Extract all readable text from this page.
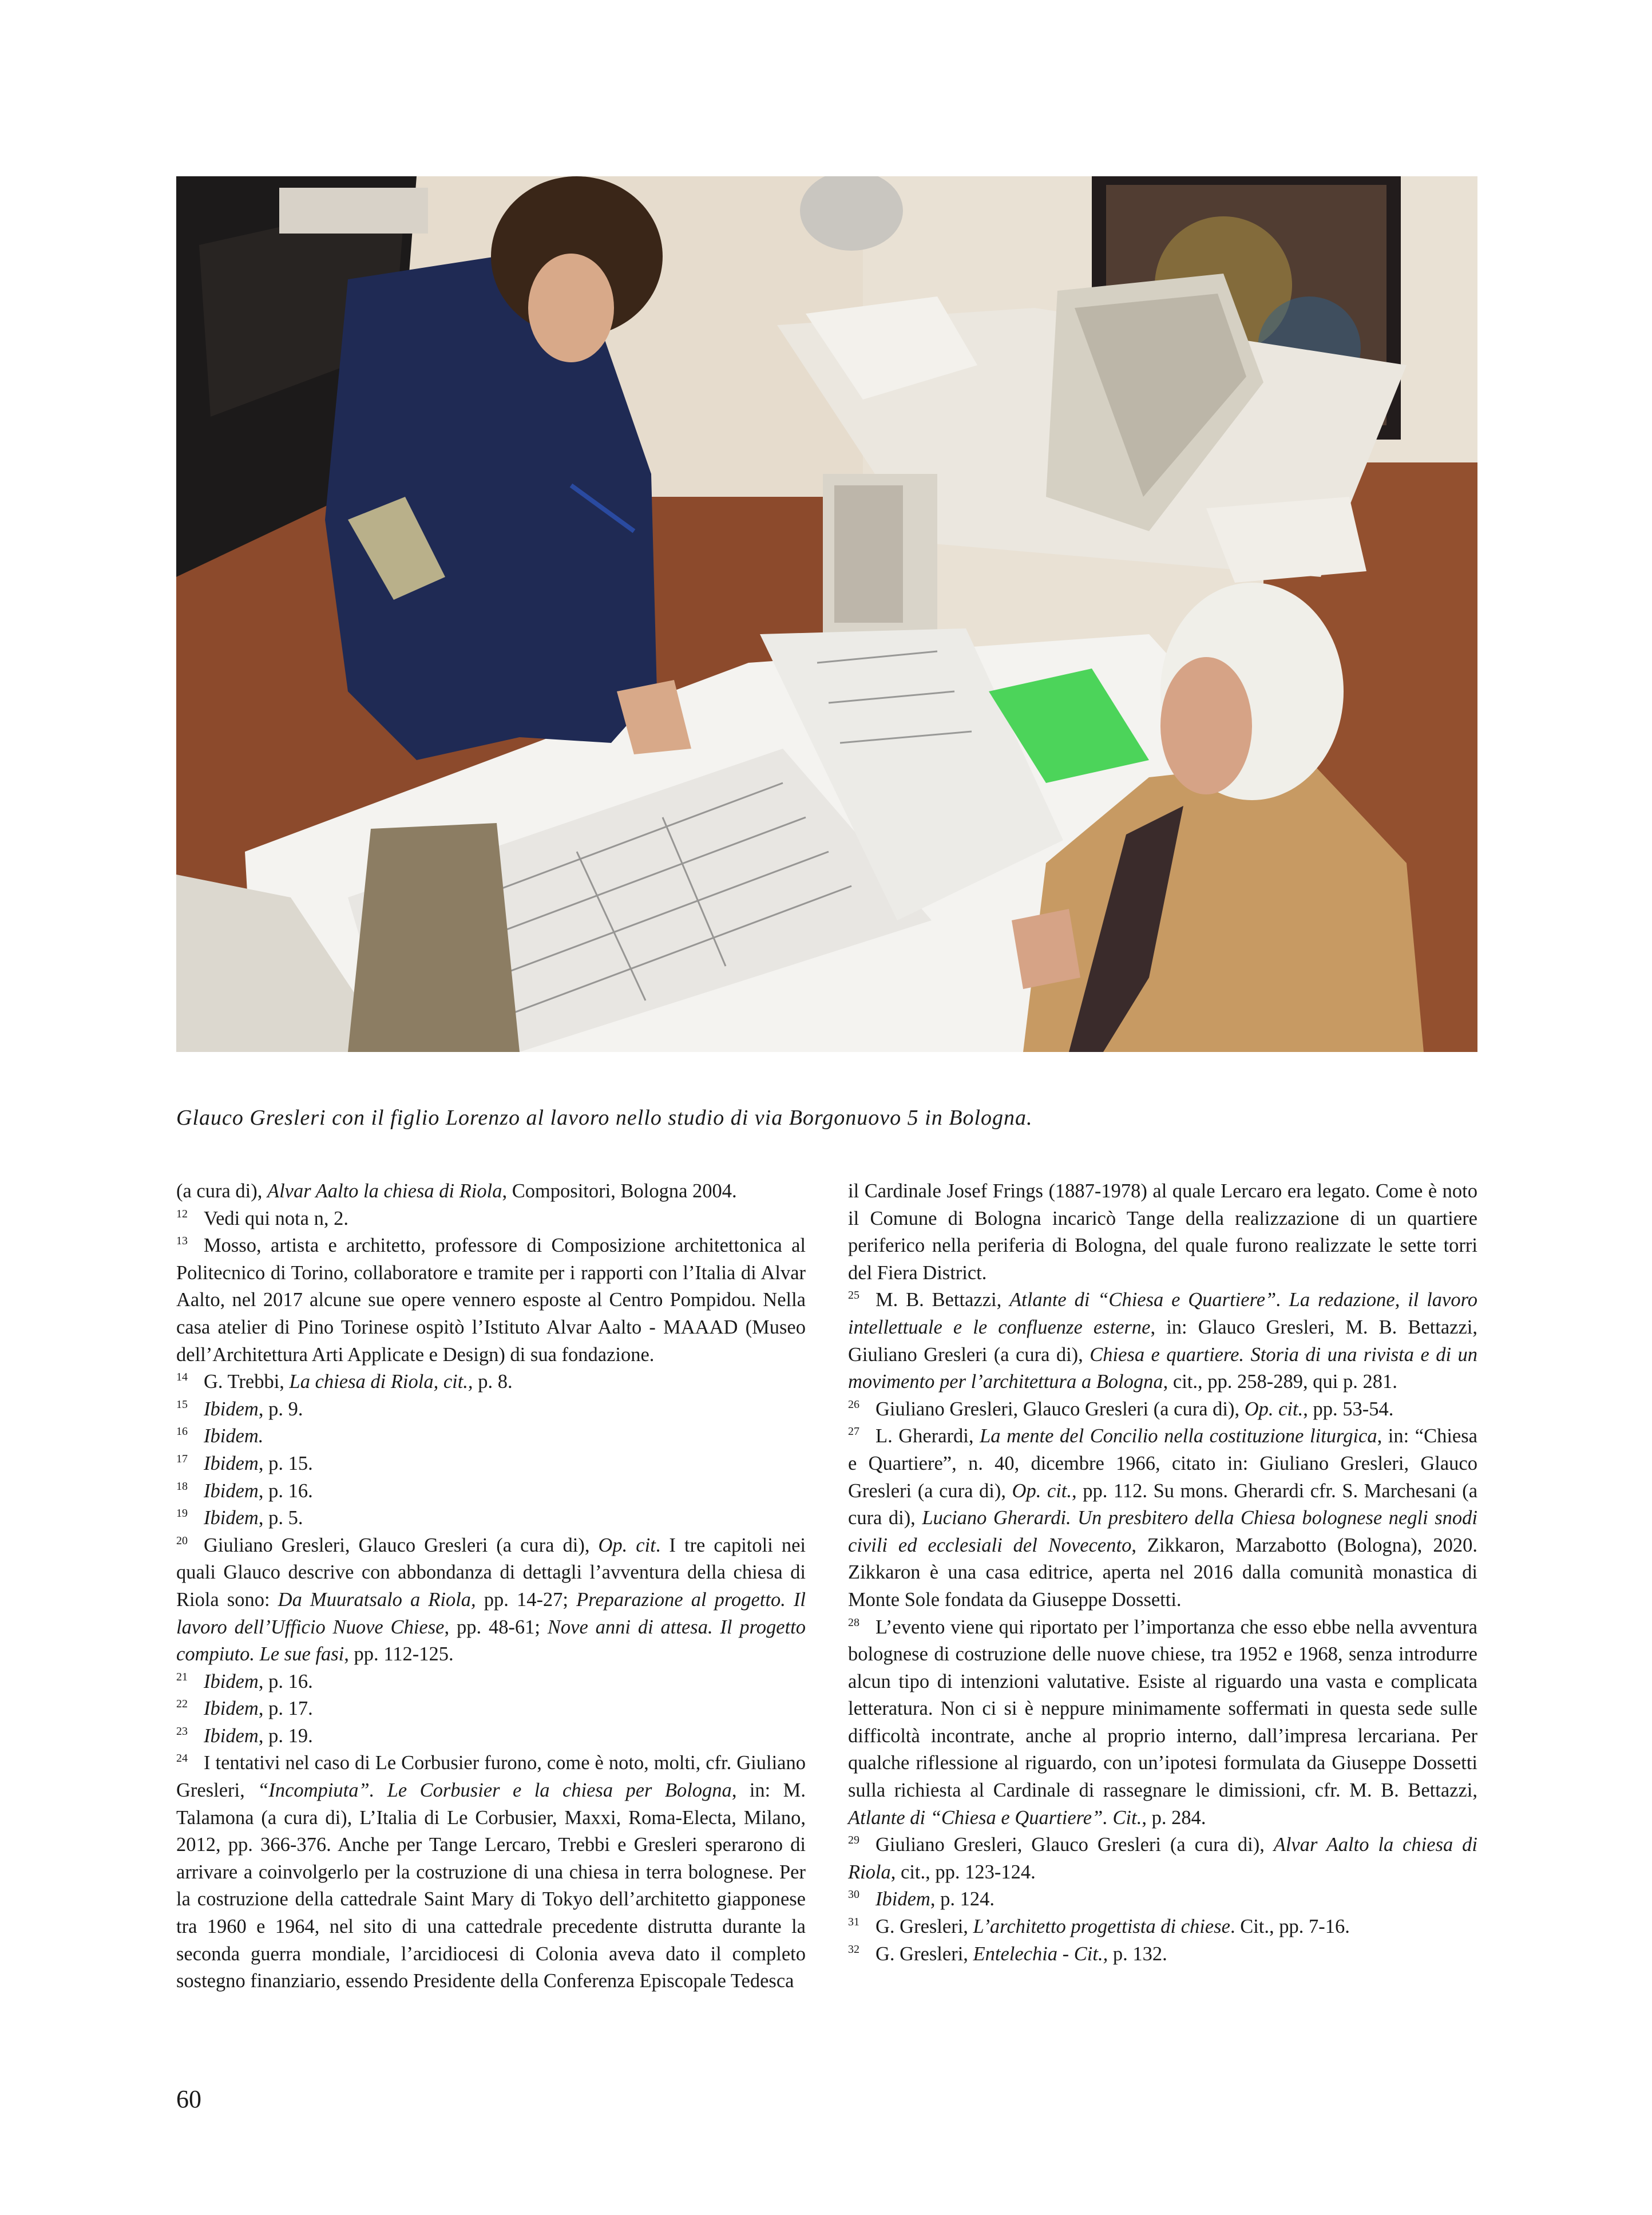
Glauco Gresleri con il figlio Lorenzo al lavoro nello studio di via Borgonuovo 5 in Bologna.

(a cura di), Alvar Aalto la chiesa di Riola, Compositori, Bologna 2004.

$^{12}$ Vedi qui nota n, 2.

$^{13}$ Mosso, artista e architetto, professore di Composizione architettonica al Politecnico di Torino, collaboratore e tramite per i rapporti con l’Italia di Alvar Aalto, nel 2017 alcune sue opere vennero esposte al Centro Pompidou. Nella casa atelier di Pino Torinese ospitò l’Istituto Alvar Aalto - MAAAD (Museo dell’Architettura Arti Applicate e Design) di sua fondazione.

$^{14}$ G. Trebbi, La chiesa di Riola, cit., p. 8.

$^{15}$ Ibidem, p. 9.

$^{16}$ Ibidem.

$^{17}$ Ibidem, p. 15.

$^{18}$ Ibidem, p. 16.

$^{19}$ Ibidem, p. 5.

$^{20}$ Giuliano Gresleri, Glauco Gresleri (a cura di), Op. cit. I tre capitoli nei quali Glauco descrive con abbondanza di dettagli l’avventura della chiesa di Riola sono: Da Muuratsalo a Riola, pp. 14-27; Preparazione al progetto. Il lavoro dell’Ufficio Nuove Chiese, pp. 48-61; Nove anni di attesa. Il progetto compiuto. Le sue fasi, pp. 112-125.

$^{21}$ Ibidem, p. 16.

$^{22}$ Ibidem, p. 17.

$^{23}$ Ibidem, p. 19.

$^{24}$ I tentativi nel caso di Le Corbusier furono, come è noto, molti, cfr. Giuliano Gresleri, “Incompiuta”. Le Corbusier e la chiesa per Bologna, in: M. Talamona (a cura di), L’Italia di Le Corbusier, Maxxi, Roma-Electa, Milano, 2012, pp. 366-376. Anche per Tange Lercaro, Trebbi e Gresleri sperarono di arrivare a coinvolgerlo per la costruzione di una chiesa in terra bolognese. Per la costruzione della cattedrale Saint Mary di Tokyo dell’architetto giapponese tra 1960 e 1964, nel sito di una cattedrale precedente distrutta durante la seconda guerra mondiale, l’arcidiocesi di Colonia aveva dato il completo sostegno finanziario, essendo Presidente della Conferenza Episcopale Tedesca

il Cardinale Josef Frings (1887-1978) al quale Lercaro era legato. Come è noto il Comune di Bologna incaricò Tange della realizzazione di un quartiere periferico nella periferia di Bologna, del quale furono realizzate le sette torri del Fiera District.

$^{25}$ M. B. Bettazzi, Atlante di “Chiesa e Quartiere”. La redazione, il lavoro intellettuale e le confluenze esterne, in: Glauco Gresleri, M. B. Bettazzi, Giuliano Gresleri (a cura di), Chiesa e quartiere. Storia di una rivista e di un movimento per l’architettura a Bologna, cit., pp. 258-289, qui p. 281.

$^{26}$ Giuliano Gresleri, Glauco Gresleri (a cura di), Op. cit., pp. 53-54.

$^{27}$ L. Gherardi, La mente del Concilio nella costituzione liturgica, in: “Chiesa e Quartiere”, n. 40, dicembre 1966, citato in: Giuliano Gresleri, Glauco Gresleri (a cura di), Op. cit., pp. 112. Su mons. Gherardi cfr. S. Marchesani (a cura di), Luciano Gherardi. Un presbitero della Chiesa bolognese negli snodi civili ed ecclesiali del Novecento, Zikkaron, Marzabotto (Bologna), 2020. Zikkaron è una casa editrice, aperta nel 2016 dalla comunità monastica di Monte Sole fondata da Giuseppe Dossetti.

$^{28}$ L’evento viene qui riportato per l’importanza che esso ebbe nella avventura bolognese di costruzione delle nuove chiese, tra 1952 e 1968, senza introdurre alcun tipo di intenzioni valutative. Esiste al riguardo una vasta e complicata letteratura. Non ci si è neppure minimamente soffermati in questa sede sulle difficoltà incontrate, anche al proprio interno, dall’impresa lercariana. Per qualche riflessione al riguardo, con un’ipotesi formulata da Giuseppe Dossetti sulla richiesta al Cardinale di rassegnare le dimissioni, cfr. M. B. Bettazzi, Atlante di “Chiesa e Quartiere”. Cit., p. 284.

$^{29}$ Giuliano Gresleri, Glauco Gresleri (a cura di), Alvar Aalto la chiesa di Riola, cit., pp. 123-124.

$^{30}$ Ibidem, p. 124.

$^{31}$ G. Gresleri, L’architetto progettista di chiese. Cit., pp. 7-16.

$^{32}$ G. Gresleri, Entelechia - Cit., p. 132.

60
